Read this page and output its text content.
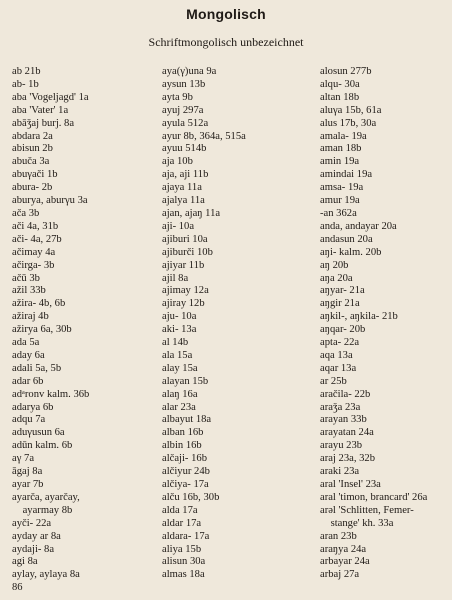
Mongolisch
Schriftmongolisch unbezeichnet
ab 21b
ab- 1b
aba 'Vogeljagd' 1a
aba 'Vater' 1a
abāǯaj burj. 8a
abdara 2a
abisun 2b
abuča 3a
abuγači 1b
abura- 2b
aburya, aburγu 3a
ača 3b
ači 4a, 31b
ači- 4a, 27b
ačimay 4a
ačirga- 3b
ačū 3b
ažil 33b
ažira- 4b, 6b
ažiraj 4b
ažirya 6a, 30b
ada 5a
aday 6a
adali 5a, 5b
adar 6b
adᵃronv kalm. 36b
adarya 6b
adqu 7a
aduγusun 6a
adūn kalm. 6b
aγ 7a
āgaj 8a
ayar 7b
ayarča, ayarčay,
ayarmay 8b
ayči- 22a
ayday ar 8a
aydaji- 8a
agi 8a
aylay, aylaya 8a
aya(γ)una 9a
aysun 13b
ayta 9b
ayuj 297a
ayula 512a
ayur 8b, 364a, 515a
ayuu 514b
aja 10b
aja, aji 11b
ajaya 11a
ajalya 11a
ajan, ajaŋ 11a
aji- 10a
ajiburi 10a
ajiburči 10b
ajiyar 11b
ajil 8a
ajimay 12a
ajiray 12b
aju- 10a
aki- 13a
al 14b
ala 15a
alay 15a
alayan 15b
alaŋ 16a
alar 23a
albayut 18a
alban 16b
albin 16b
alčaji- 16b
alčiyur 24b
alčiya- 17a
alču 16b, 30b
alda 17a
aldar 17a
aldara- 17a
aliya 15b
alisun 30a
almas 18a
alosun 277b
alqu- 30a
altan 18b
aluγa 15b, 61a
alus 17b, 30a
amala- 19a
aman 18b
amin 19a
amindai 19a
amsa- 19a
amur 19a
-an 362a
anda, andayar 20a
andasun 20a
aŋi- kalm. 20b
aŋ 20b
aŋa 20a
aŋyar- 21a
aŋgir 21a
aŋkil-, aŋkila- 21b
aŋqar- 20b
apta- 22a
aqa 13a
aqar 13a
ar 25b
aračila- 22b
araǯa 23a
arayan 33b
arayatan 24a
arayu 23b
araj 23a, 32b
araki 23a
aral 'Insel' 23a
aral 'timon, brancard' 26a
arəl 'Schlitten, Femer-
stange' kh. 33a
aran 23b
araŋya 24a
arbayar 24a
arbaj 27a
86
